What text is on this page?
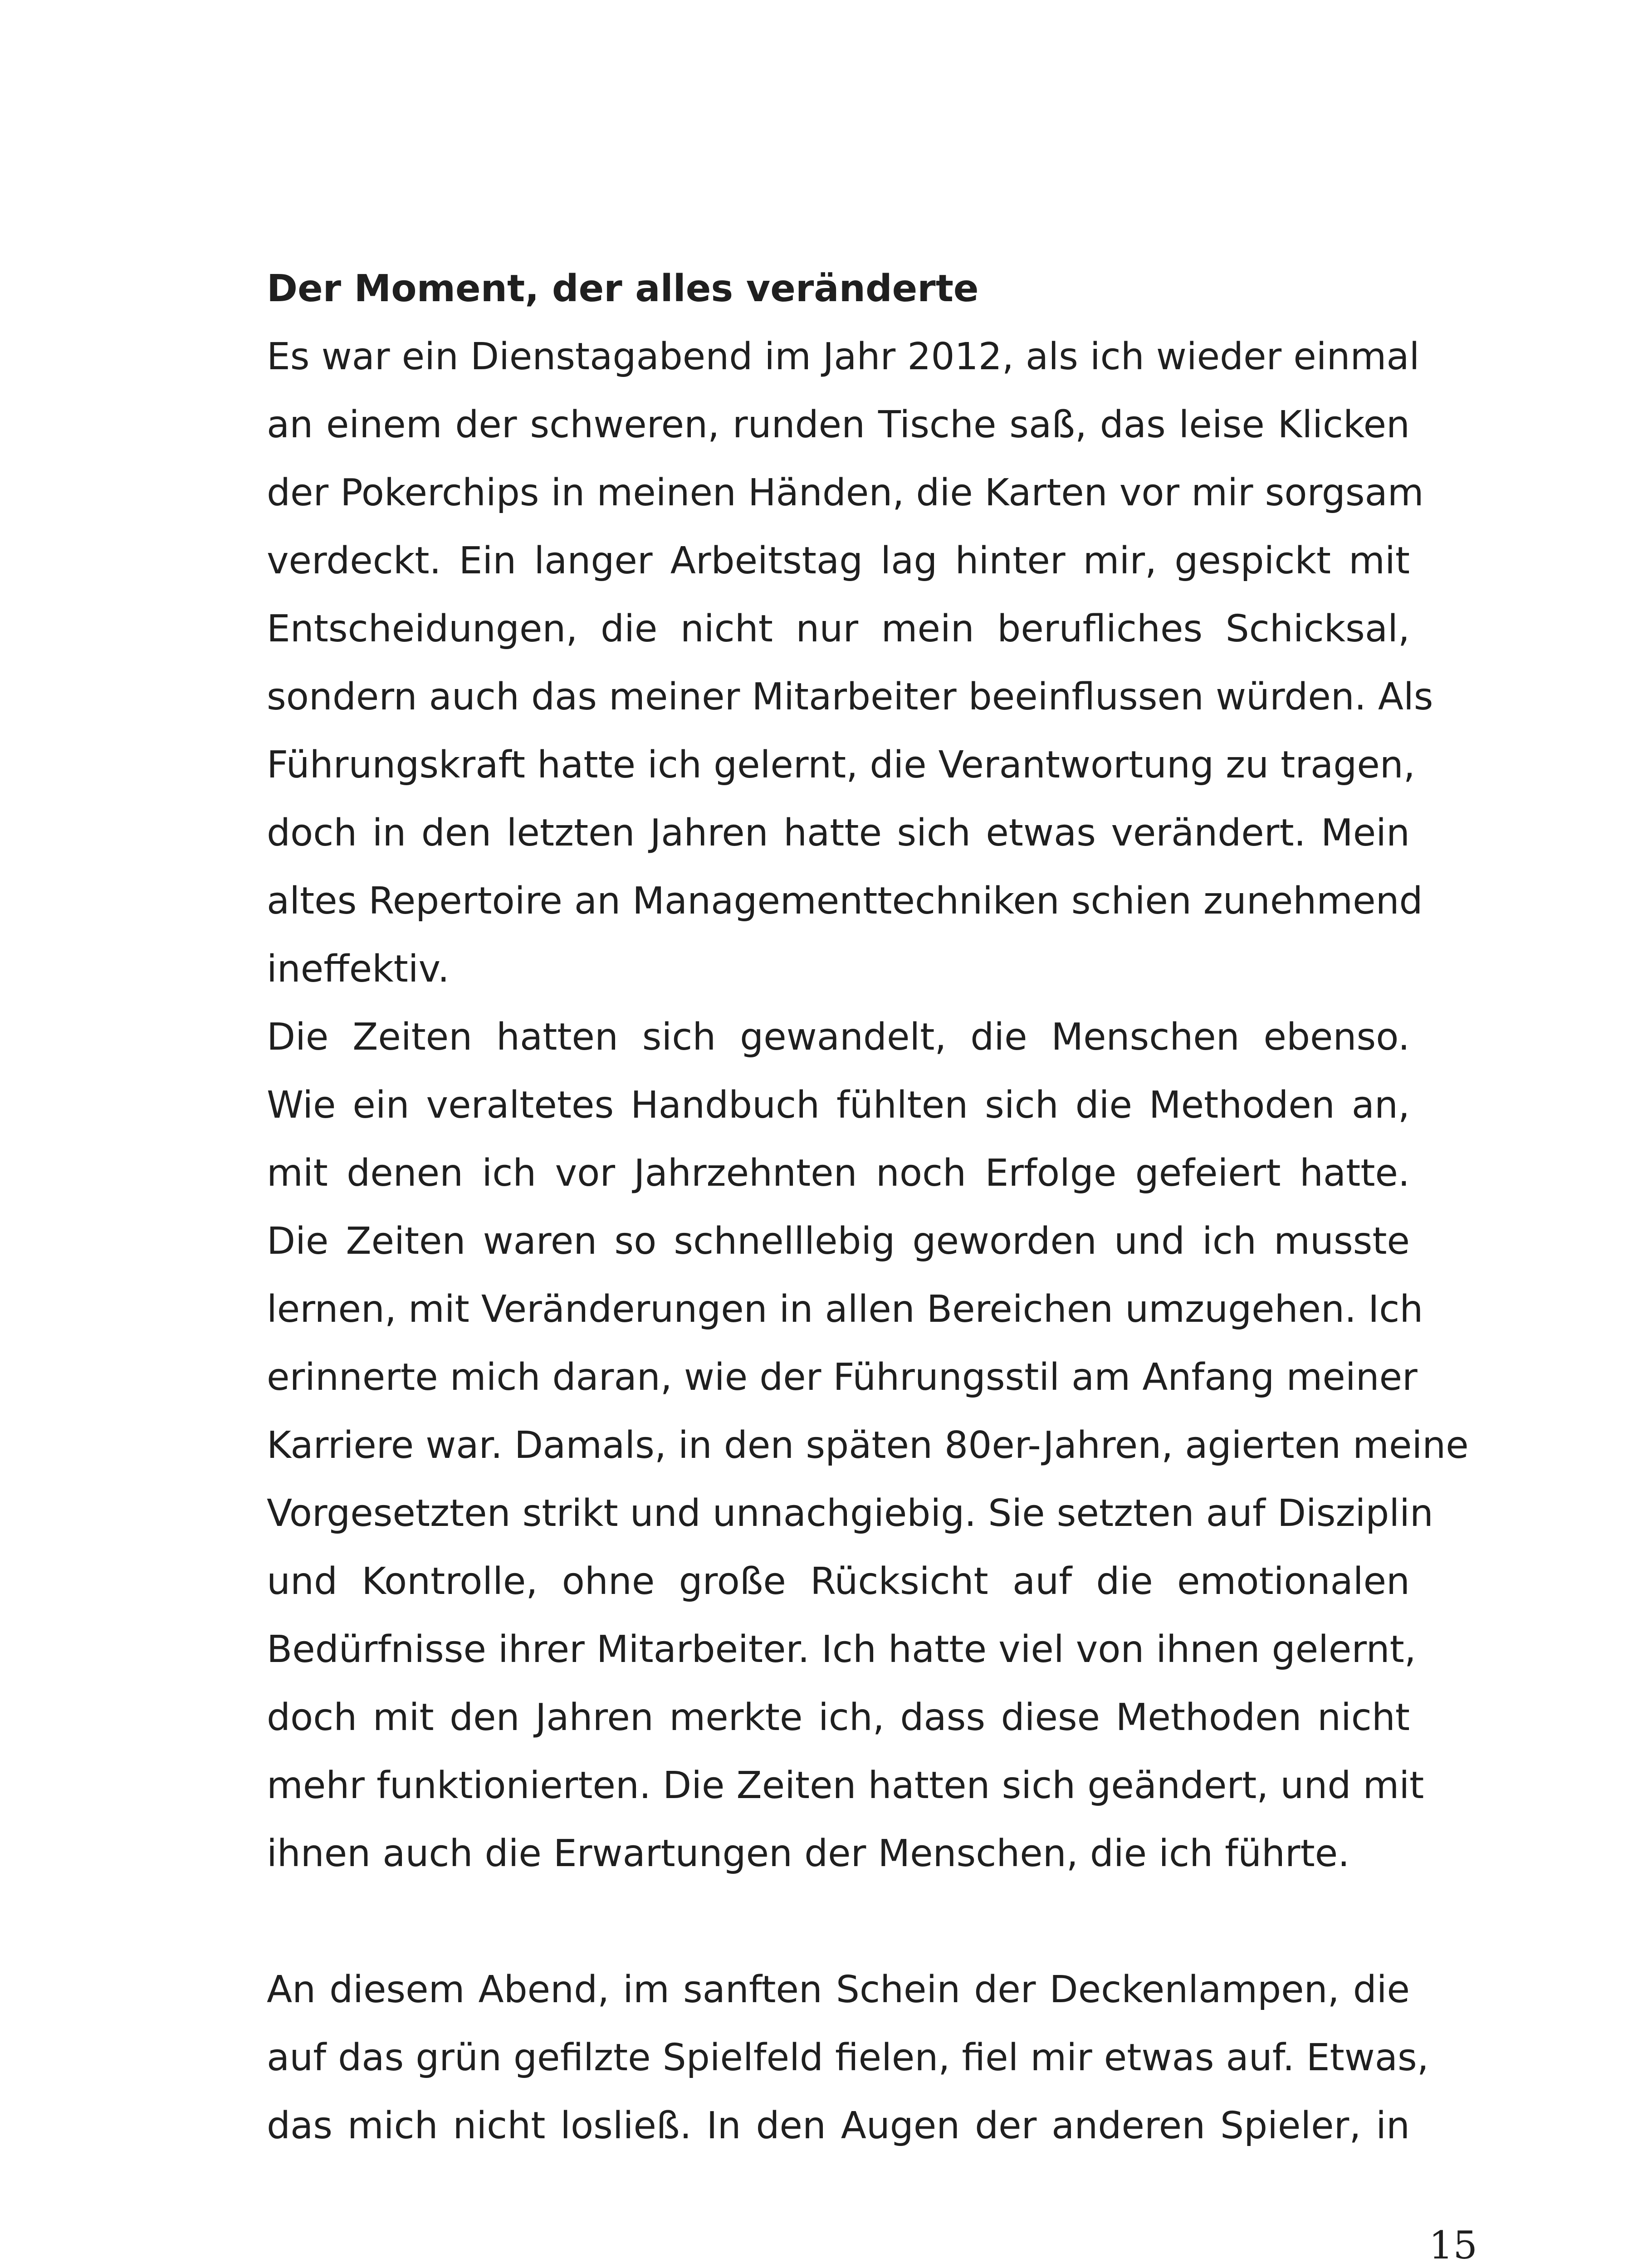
Der Moment, der alles veränderte
Es war ein Dienstagabend im Jahr 2012, als ich wieder einmal
an einem der schweren, runden Tische saß, das leise Klicken
der Pokerchips in meinen Händen, die Karten vor mir sorgsam
verdeckt. Ein langer Arbeitstag lag hinter mir, gespickt mit
Entscheidungen, die nicht nur mein berufliches Schicksal,
sondern auch das meiner Mitarbeiter beeinflussen würden. Als
Führungskraft hatte ich gelernt, die Verantwortung zu tragen,
doch in den letzten Jahren hatte sich etwas verändert. Mein
altes Repertoire an Managementtechniken schien zunehmend
ineffektiv.
Die Zeiten hatten sich gewandelt, die Menschen ebenso.
Wie ein veraltetes Handbuch fühlten sich die Methoden an,
mit denen ich vor Jahrzehnten noch Erfolge gefeiert hatte.
Die Zeiten waren so schnelllebig geworden und ich musste
lernen, mit Veränderungen in allen Bereichen umzugehen. Ich
erinnerte mich daran, wie der Führungsstil am Anfang meiner
Karriere war. Damals, in den späten 80er-Jahren, agierten meine
Vorgesetzten strikt und unnachgiebig. Sie setzten auf Disziplin
und Kontrolle, ohne große Rücksicht auf die emotionalen
Bedürfnisse ihrer Mitarbeiter. Ich hatte viel von ihnen gelernt,
doch mit den Jahren merkte ich, dass diese Methoden nicht
mehr funktionierten. Die Zeiten hatten sich geändert, und mit
ihnen auch die Erwartungen der Menschen, die ich führte.
An diesem Abend, im sanften Schein der Deckenlampen, die
auf das grün gefilzte Spielfeld fielen, fiel mir etwas auf. Etwas,
das mich nicht losließ. In den Augen der anderen Spieler, in
15
